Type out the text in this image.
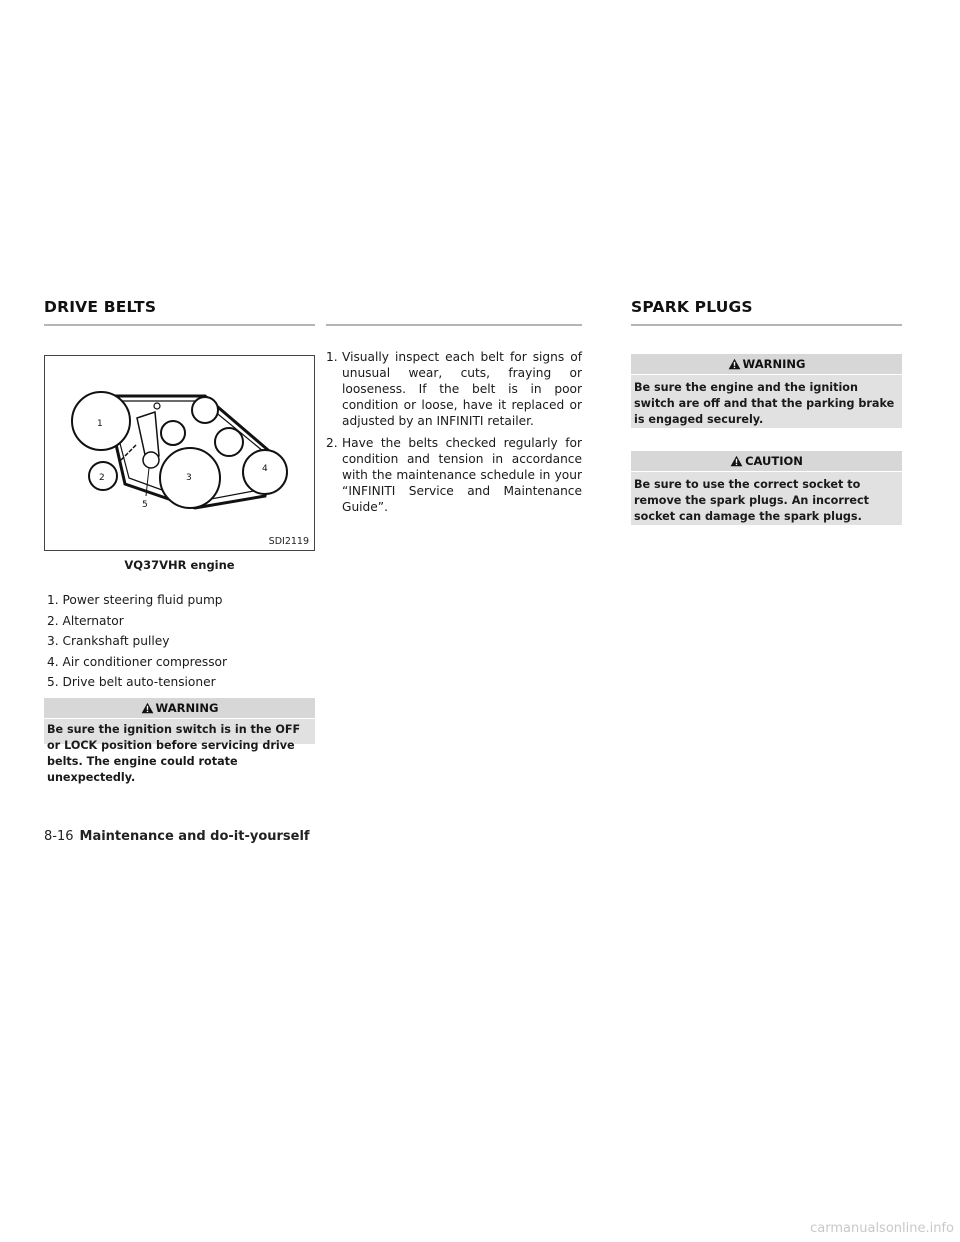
DRIVE BELTS	SPARK PLUGS
1
2	3
4
5
SDI2119
VQ37VHR engine
1. Power steering fluid pump
2. Alternator
3. Crankshaft pulley
4. Air conditioner compressor
5. Drive belt auto-tensioner
WARNING
Be sure the ignition switch is in the OFF or LOCK position before servicing drive belts. The engine could rotate unexpectedly.
1. Visually inspect each belt for signs of unusual wear, cuts, fraying or looseness. If the belt is in poor condition or loose, have it replaced or adjusted by an INFINITI retailer.
2. Have the belts checked regularly for condition and tension in accordance with the maintenance schedule in your “INFINITI Service and Maintenance Guide”.
WARNING
Be sure the engine and the ignition switch are off and that the parking brake is engaged securely.
CAUTION
Be sure to use the correct socket to remove the spark plugs. An incorrect socket can damage the spark plugs.
8-16 Maintenance and do-it-yourself
carmanualsonline.info
